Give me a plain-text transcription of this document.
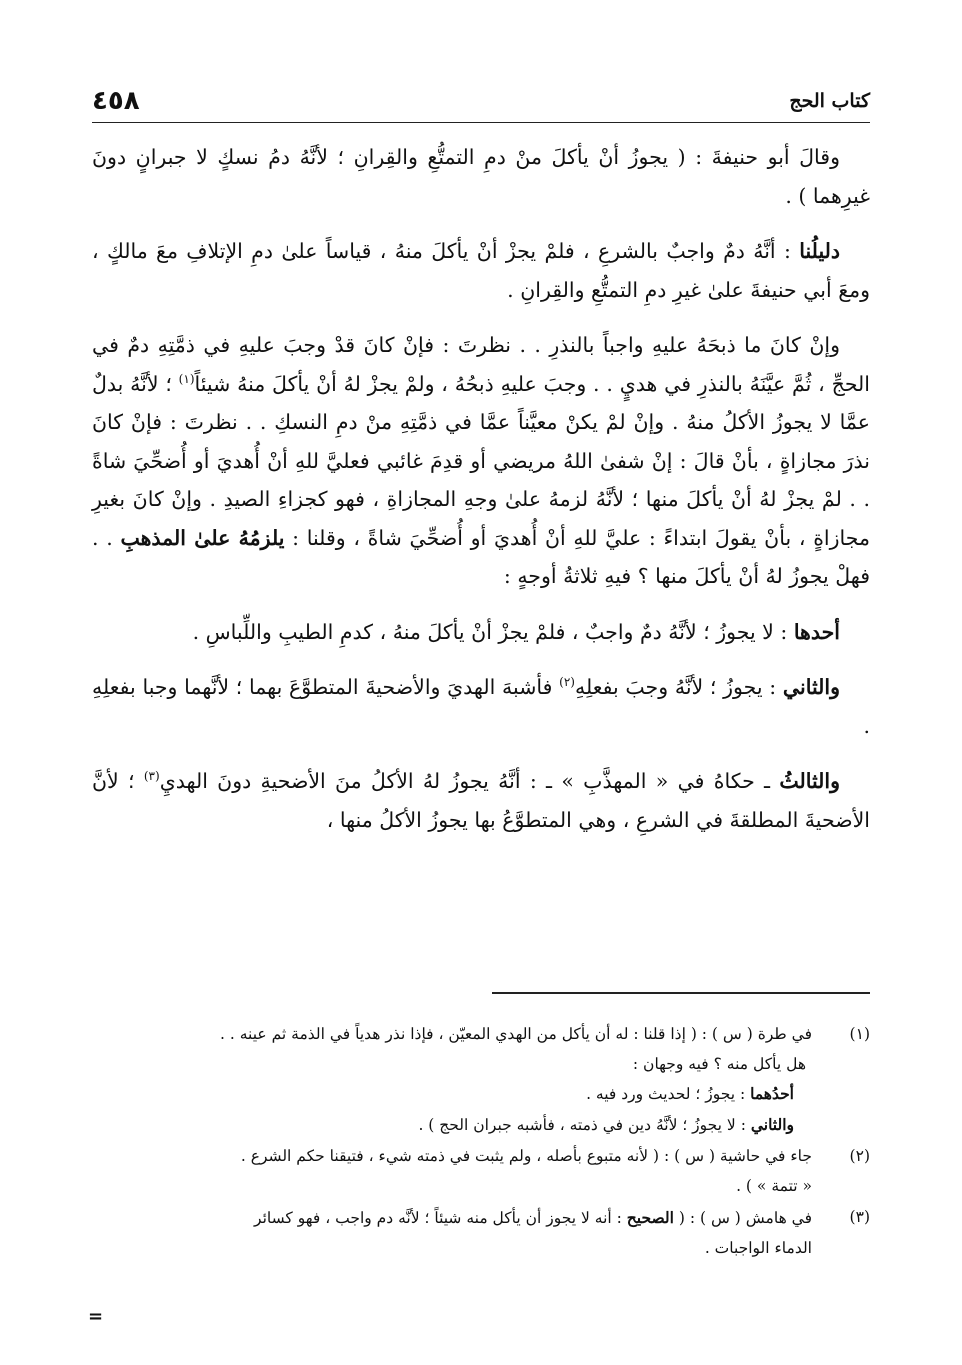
٤٥٨	كتاب الحج

وقالَ أبو حنيفةَ : ( يجوزُ أنْ يأكلَ منْ دمِ التمتُّعِ والقِرانِ ؛ لأنَّهُ دمُ نسكٍ لا جبرانٍ دونَ غيرِهما ) .

دليلُنا : أنَّهُ دمٌ واجبٌ بالشرعِ ، فلمْ يجزْ أنْ يأكلَ منهُ ، قياساً علىٰ دمِ الإتلافِ معَ مالكٍ ، ومعَ أبي حنيفةَ علىٰ غيرِ دمِ التمتُّعِ والقِرانِ .

وإنْ كانَ ما ذبحَهُ عليهِ واجباً بالنذرِ . . نظرتَ : فإنْ كانَ قدْ وجبَ عليهِ في ذمَّتِهِ دمٌ في الحجِّ ، ثُمَّ عيَّنَهُ بالنذرِ في هديٍ . . وجبَ عليهِ ذبحُهُ ، ولمْ يجزْ لهُ أنْ يأكلَ منهُ شيئاً$^{(١)}$ ؛ لأنَّهُ بدلٌ عمَّا لا يجوزُ الأكلُ منهُ . وإنْ لمْ يكنْ معيَّناً عمَّا في ذمَّتِهِ منْ دمِ النسكِ . . نظرتَ : فإنْ كانَ نذرَ مجازاةٍ ، بأنْ قالَ : إنْ شفىٰ اللهُ مريضي أو قدِمَ غائبي فعليَّ للهِ أنْ أُهديَ أو أُضحِّيَ شاةً . . لمْ يجزْ لهُ أنْ يأكلَ منها ؛ لأنَّهُ لزمهُ علىٰ وجهِ المجازاةِ ، فهو كجزاءِ الصيدِ . وإنْ كانَ بغيرِ مجازاةٍ ، بأنْ يقولَ ابتداءً : عليَّ للهِ أنْ أُهديَ أو أُضحِّيَ شاةً ، وقلنا : يلزمُهُ علىٰ المذهبِ . . فهلْ يجوزُ لهُ أنْ يأكلَ منها ؟ فيهِ ثلاثةُ أوجهٍ :

أحدها : لا يجوزُ ؛ لأنَّهُ دمٌ واجبٌ ، فلمْ يجزْ أنْ يأكلَ منهُ ، كدمِ الطيبِ واللِّباسِ .

والثاني : يجوزُ ؛ لأنَّهُ وجبَ بفعلِهِ$^{(٢)}$ فأشبهَ الهديَ والأضحيةَ المتطوَّعَ بهما ؛ لأنَّهما وجبا بفعلِهِ .

والثالثُ ـ حكاهُ في « المهذَّبِ » ـ : أنَّهُ يجوزُ لهُ الأكلُ منَ الأضحيةِ دونَ الهديِ$^{(٣)}$ ؛ لأنَّ الأضحيةَ المطلقةَ في الشرعِ ، وهي المتطوَّعُ بها يجوزُ الأكلُ منها ،

(١)
في طرة ( س ) : ( إذا قلنا : له أن يأكل من الهدي المعيّن ، فإذا نذر هدياً في الذمة ثم عينه . .
هل يأكل منه ؟ فيه وجهان :
أحدُهما : يجوزُ ؛ لحديث ورد فيه .
والثاني : لا يجوزُ ؛ لأنَّهُ دين في ذمته ، فأشبه جبران الحج ) .
(٢)
جاء في حاشية ( س ) : ( لأنه متبوع بأصله ، ولم يثبت في ذمته شيء ، فتيقنا حكم الشرع .
« تتمة » ) .
(٣)
في هامش ( س ) : ( الصحيح : أنه لا يجوز أن يأكل منه شيئاً ؛ لأنَّه دم واجب ، فهو كسائر
الدماء الواجبات .
=
